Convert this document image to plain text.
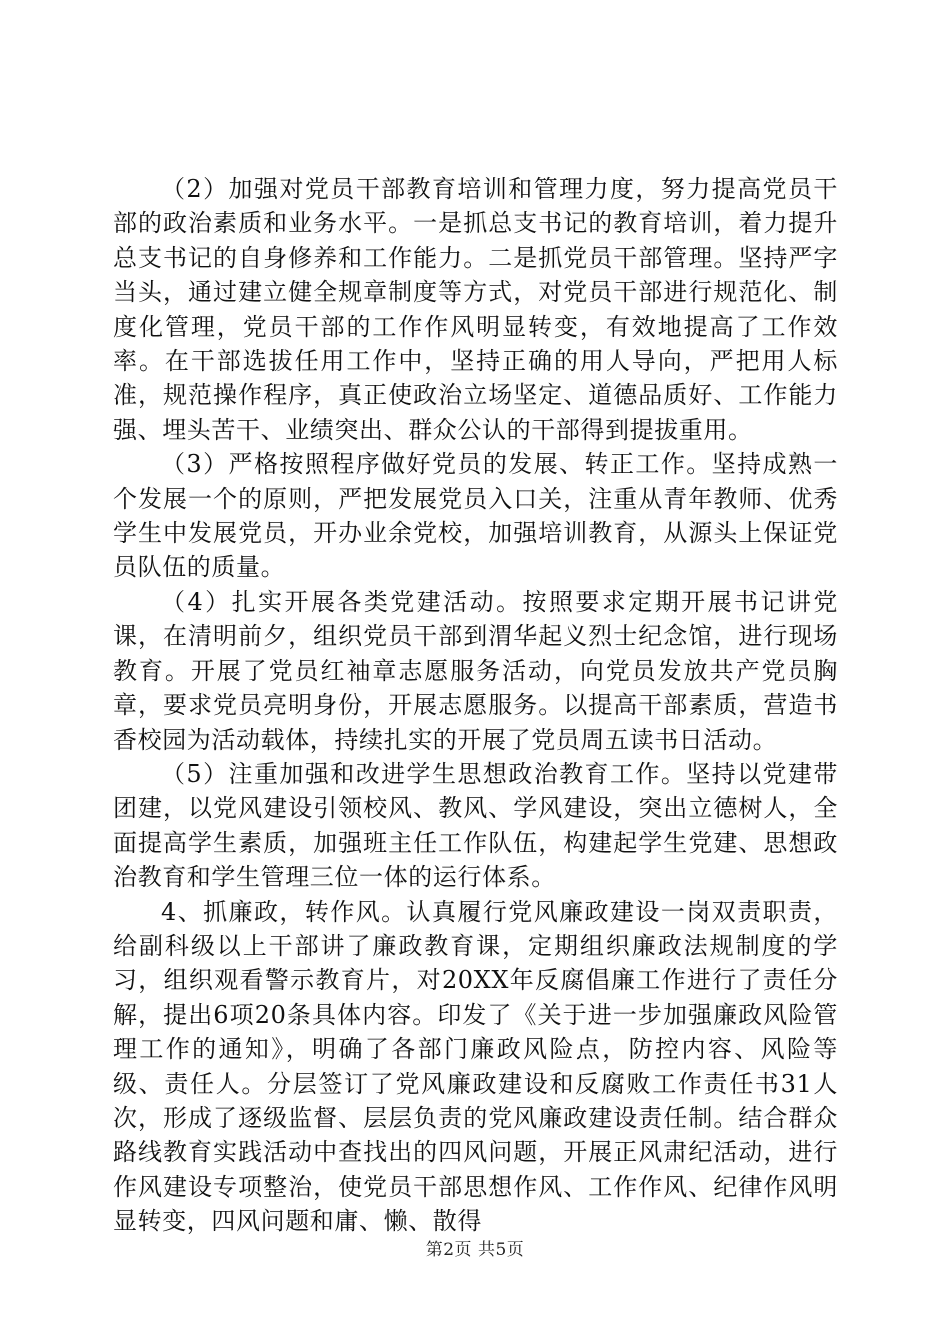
（2）加强对党员干部教育培训和管理力度，努力提高党员干部的政治素质和业务水平。一是抓总支书记的教育培训，着力提升总支书记的自身修养和工作能力。二是抓党员干部管理。坚持严字当头，通过建立健全规章制度等方式，对党员干部进行规范化、制度化管理，党员干部的工作作风明显转变，有效地提高了工作效率。在干部选拔任用工作中，坚持正确的用人导向，严把用人标准，规范操作程序，真正使政治立场坚定、道德品质好、工作能力强、埋头苦干、业绩突出、群众公认的干部得到提拔重用。

（3）严格按照程序做好党员的发展、转正工作。坚持成熟一个发展一个的原则，严把发展党员入口关，注重从青年教师、优秀学生中发展党员，开办业余党校，加强培训教育，从源头上保证党员队伍的质量。

（4）扎实开展各类党建活动。按照要求定期开展书记讲党课，在清明前夕，组织党员干部到渭华起义烈士纪念馆，进行现场教育。开展了党员红袖章志愿服务活动，向党员发放共产党员胸章，要求党员亮明身份，开展志愿服务。以提高干部素质，营造书香校园为活动载体，持续扎实的开展了党员周五读书日活动。

（5）注重加强和改进学生思想政治教育工作。坚持以党建带团建，以党风建设引领校风、教风、学风建设，突出立德树人，全面提高学生素质，加强班主任工作队伍，构建起学生党建、思想政治教育和学生管理三位一体的运行体系。

4、抓廉政，转作风。认真履行党风廉政建设一岗双责职责，给副科级以上干部讲了廉政教育课，定期组织廉政法规制度的学习，组织观看警示教育片，对20XX年反腐倡廉工作进行了责任分解，提出6项20条具体内容。印发了《关于进一步加强廉政风险管理工作的通知》，明确了各部门廉政风险点，防控内容、风险等级、责任人。分层签订了党风廉政建设和反腐败工作责任书31人次，形成了逐级监督、层层负责的党风廉政建设责任制。结合群众路线教育实践活动中查找出的四风问题，开展正风肃纪活动，进行作风建设专项整治，使党员干部思想作风、工作作风、纪律作风明显转变，四风问题和庸、懒、散得

第2页 共5页
